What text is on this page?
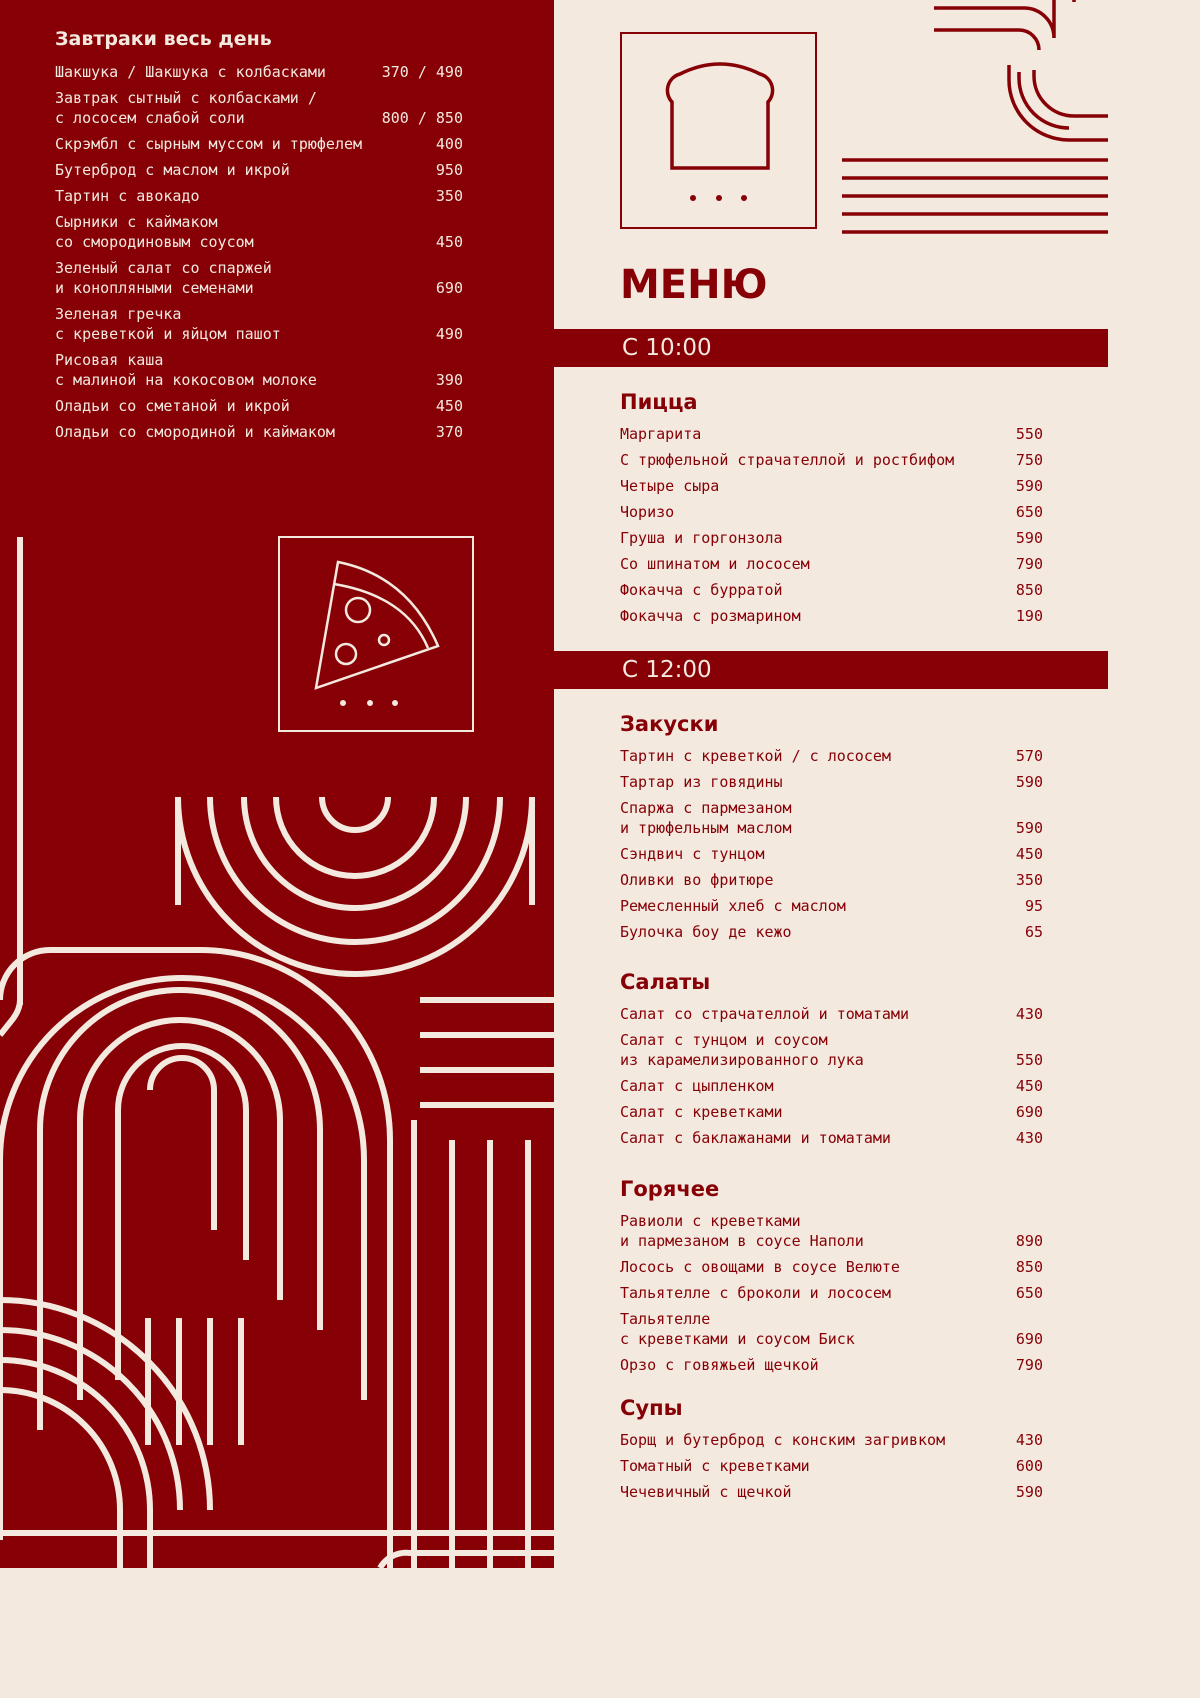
Завтраки весь день
Шакшука / Шакшука с колбасками	370 / 490
Завтрак сытный с колбасками /
с лососем слабой соли	800 / 850
Скрэмбл с сырным муссом и трюфелем	400
Бутерброд с маслом и икрой	950
Тартин с авокадо	350
Сырники с каймаком
со смородиновым соусом	450
Зеленый салат со спаржей
и конопляными семенами	690
Зеленая гречка
с креветкой и яйцом пашот	490
Рисовая каша
с малиной на кокосовом молоке	390
Оладьи со сметаной и икрой	450
Оладьи со смородиной и каймаком	370
МЕНЮ
С 10:00
С 12:00
Пицца
Маргарита	550
С трюфельной страчателлой и ростбифом	750
Четыре сыра	590
Чоризо	650
Груша и горгонзола	590
Со шпинатом и лососем	790
Фокачча с бурратой	850
Фокачча с розмарином	190
Закуски
Тартин с креветкой / с лососем	570
Тартар из говядины	590
Спаржа с пармезаном
и трюфельным маслом	590
Сэндвич с тунцом	450
Оливки во фритюре	350
Ремесленный хлеб с маслом	95
Булочка боу де кежо	65
Салаты
Салат со страчателлой и томатами	430
Салат с тунцом и соусом
из карамелизированного лука	550
Салат с цыпленком	450
Салат с креветками	690
Салат с баклажанами и томатами	430
Горячее
Равиоли с креветками
и пармезаном в соусе Наполи	890
Лосось с овощами в соусе Велюте	850
Тальятелле с броколи и лососем	650
Тальятелле
с креветками и соусом Биск	690
Орзо с говяжьей щечкой	790
Супы
Борщ и бутерброд с конским загривком	430
Томатный с креветками	600
Чечевичный с щечкой	590
